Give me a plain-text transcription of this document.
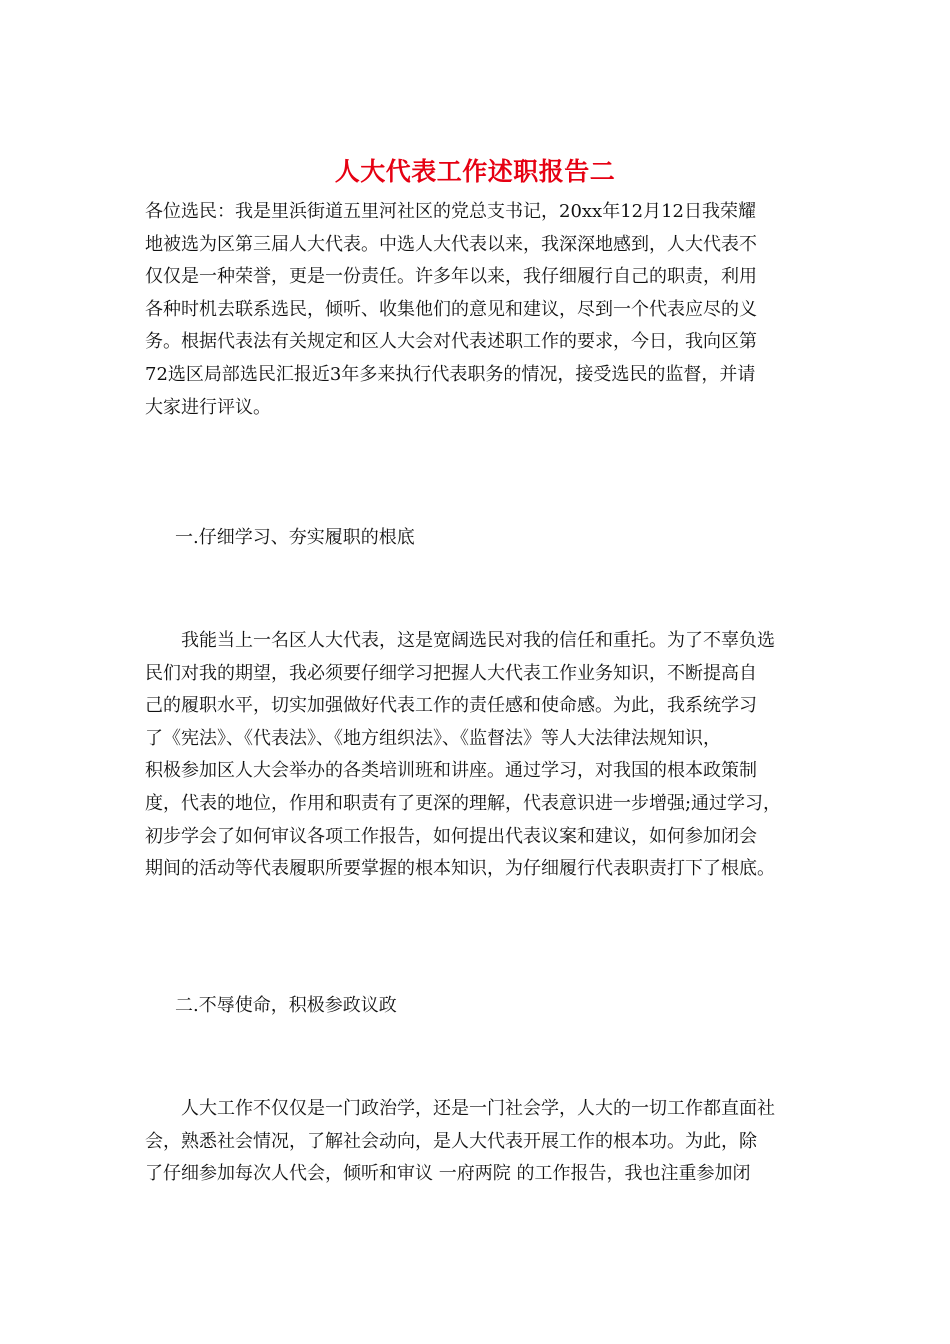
人大代表工作述职报告二
各位选民：我是里浜街道五里河社区的党总支书记，20xx年12月12日我荣耀
地被选为区第三届人大代表。中选人大代表以来，我深深地感到，人大代表不
仅仅是一种荣誉，更是一份责任。许多年以来，我仔细履行自己的职责，利用
各种时机去联系选民，倾听、收集他们的意见和建议，尽到一个代表应尽的义
务。根据代表法有关规定和区人大会对代表述职工作的要求，今日，我向区第
72选区局部选民汇报近3年多来执行代表职务的情况，接受选民的监督，并请
大家进行评议。
一.仔细学习、夯实履职的根底
　　我能当上一名区人大代表，这是宽阔选民对我的信任和重托。为了不辜负选
民们对我的期望，我必须要仔细学习把握人大代表工作业务知识，不断提高自
己的履职水平，切实加强做好代表工作的责任感和使命感。为此，我系统学习
了《宪法》、《代表法》、《地方组织法》、《监督法》等人大法律法规知识，
积极参加区人大会举办的各类培训班和讲座。通过学习，对我国的根本政策制
度，代表的地位，作用和职责有了更深的理解，代表意识进一步增强;通过学习，
初步学会了如何审议各项工作报告，如何提出代表议案和建议，如何参加闭会
期间的活动等代表履职所要掌握的根本知识，为仔细履行代表职责打下了根底。
二.不辱使命，积极参政议政
　　人大工作不仅仅是一门政治学，还是一门社会学，人大的一切工作都直面社
会，熟悉社会情况，了解社会动向，是人大代表开展工作的根本功。为此，除
了仔细参加每次人代会，倾听和审议 一府两院 的工作报告，我也注重参加闭
